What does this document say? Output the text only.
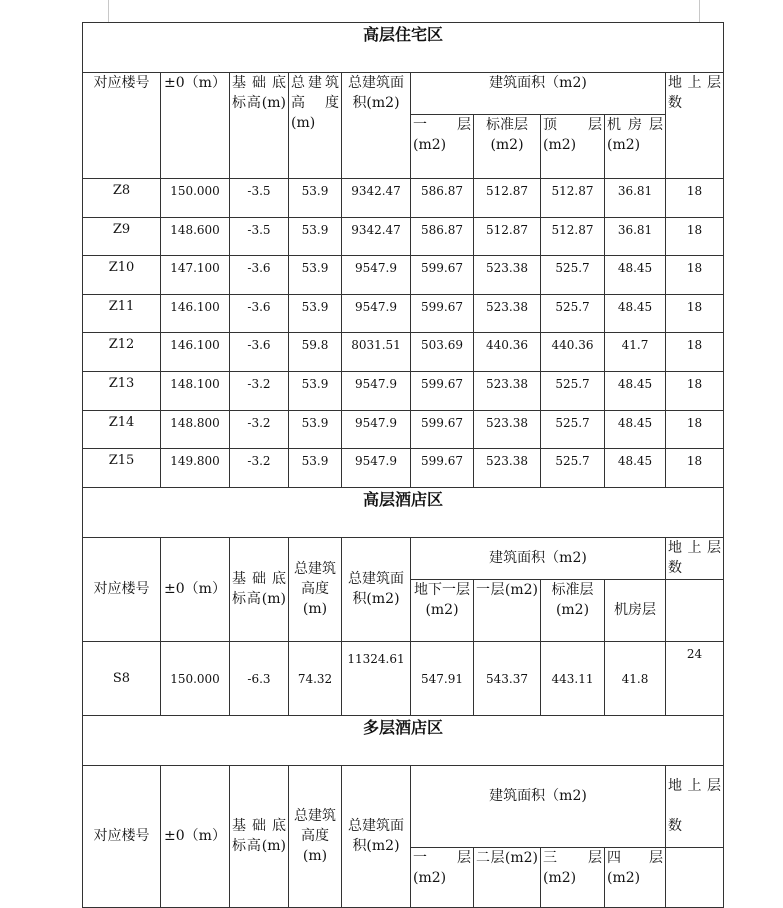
高层住宅区									
对应楼号	±0（m）	基础底标高(m)	总建筑高度(m)	总建筑面积(m2)	建筑面积（m2)				地上层数
					一层(m2)	标准层(m2)	顶层(m2)	机房层(m2)	
Z8	150.000	-3.5	53.9	9342.47	586.87	512.87	512.87	36.81	18
Z9	148.600	-3.5	53.9	9342.47	586.87	512.87	512.87	36.81	18
Z10	147.100	-3.6	53.9	9547.9	599.67	523.38	525.7	48.45	18
Z11	146.100	-3.6	53.9	9547.9	599.67	523.38	525.7	48.45	18
Z12	146.100	-3.6	59.8	8031.51	503.69	440.36	440.36	41.7	18
Z13	148.100	-3.2	53.9	9547.9	599.67	523.38	525.7	48.45	18
Z14	148.800	-3.2	53.9	9547.9	599.67	523.38	525.7	48.45	18
Z15	149.800	-3.2	53.9	9547.9	599.67	523.38	525.7	48.45	18
高层酒店区									
对应楼号	±0（m）	基础底标高(m)	总建筑高度(m)	总建筑面积(m2)	建筑面积（m2)				地上层数
					地下一层(m2)	一层(m2)	标准层(m2)	机房层	
S8	150.000	-6.3	74.32	11324.61	547.91	543.37	443.11	41.8	24
多层酒店区									
对应楼号	±0（m）	基础底标高(m)	总建筑高度(m)	总建筑面积(m2)	建筑面积（m2)				地上层数
					一层(m2)	二层(m2)	三层(m2)	四层(m2)	
